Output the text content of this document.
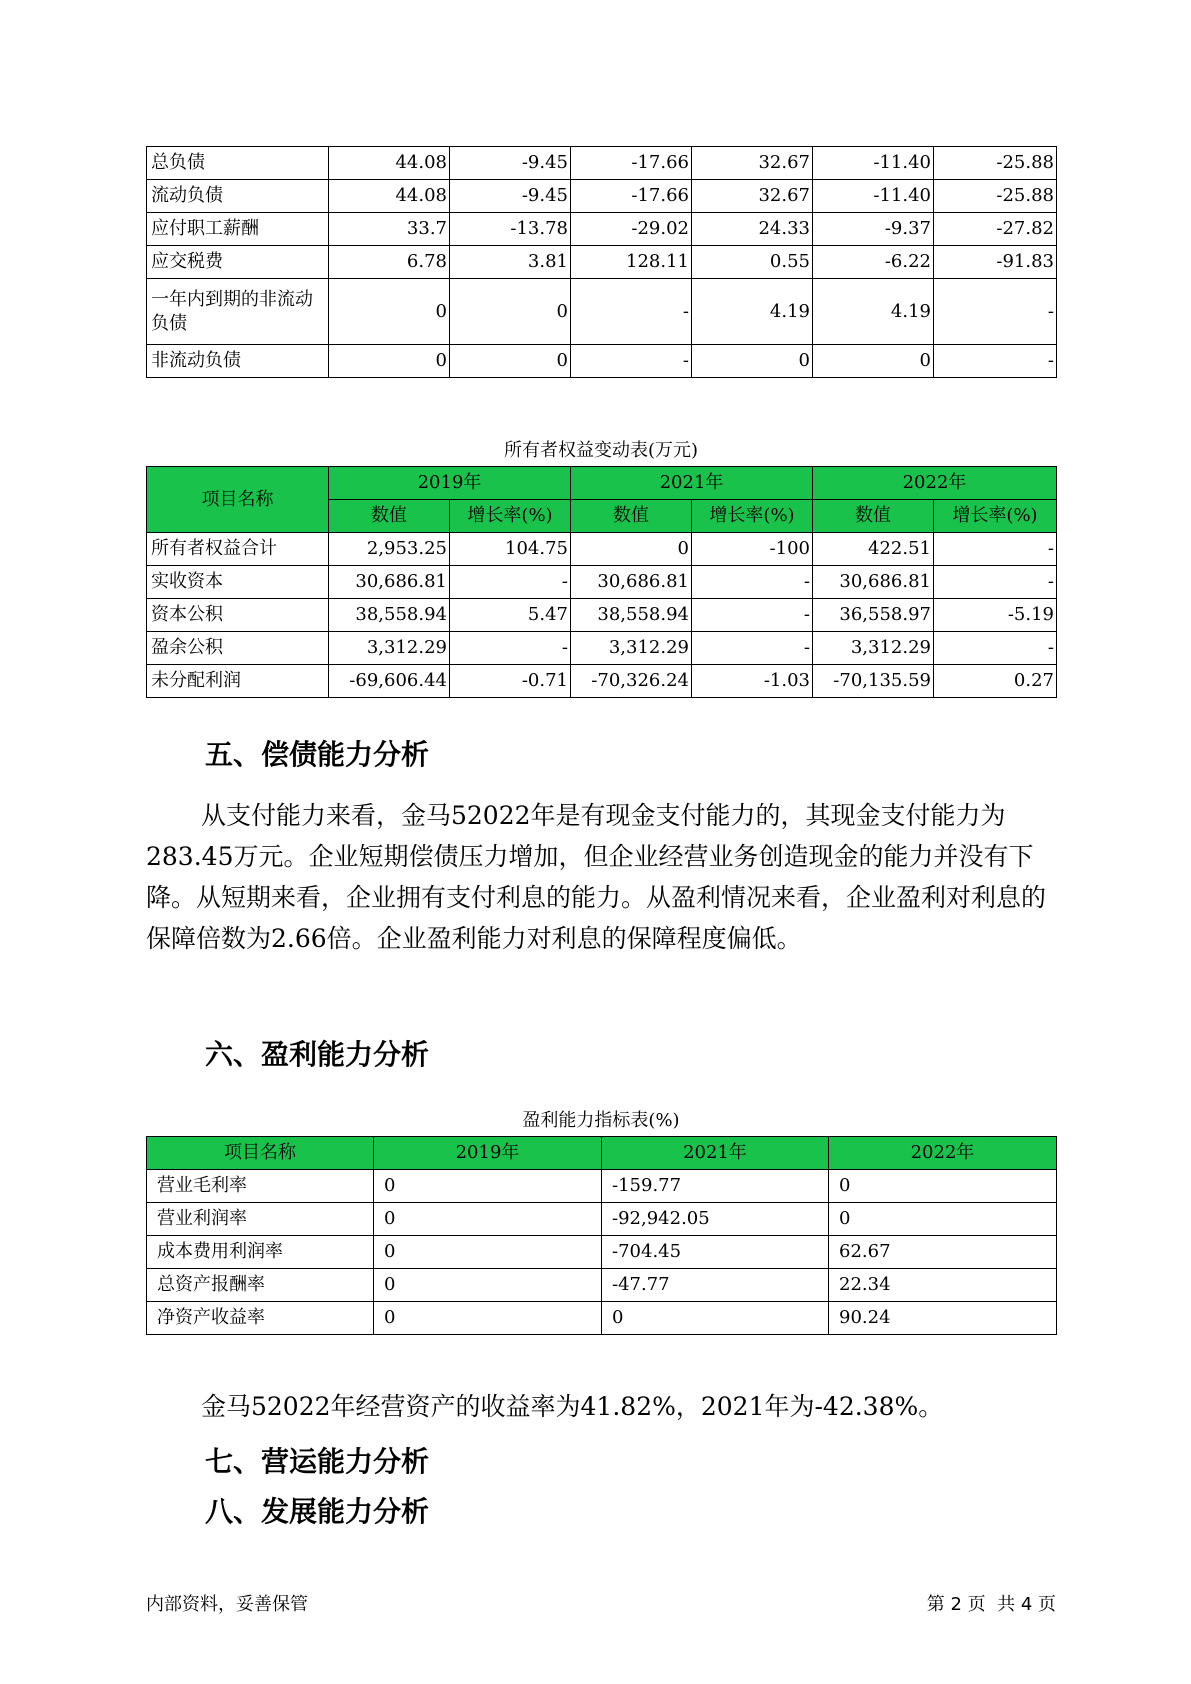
总负债	44.08	-9.45	-17.66	32.67	-11.40	-25.88
流动负债	44.08	-9.45	-17.66	32.67	-11.40	-25.88
应付职工薪酬	33.7	-13.78	-29.02	24.33	-9.37	-27.82
应交税费	6.78	3.81	128.11	0.55	-6.22	-91.83
一年内到期的非流动负债	0	0	-	4.19	4.19	-
非流动负债	0	0	-	0	0	-
所有者权益变动表(万元)
项目名称	2019年		2021年		2022年	
	数值	增长率(%)	数值	增长率(%)	数值	增长率(%)
所有者权益合计	2,953.25	104.75	0	-100	422.51	-
实收资本	30,686.81	-	30,686.81	-	30,686.81	-
资本公积	38,558.94	5.47	38,558.94	-	36,558.97	-5.19
盈余公积	3,312.29	-	3,312.29	-	3,312.29	-
未分配利润	-69,606.44	-0.71	-70,326.24	-1.03	-70,135.59	0.27
五、偿债能力分析

从支付能力来看，金马52022年是有现金支付能力的，其现金支付能力为283.45万元。企业短期偿债压力增加，但企业经营业务创造现金的能力并没有下降。从短期来看，企业拥有支付利息的能力。从盈利情况来看，企业盈利对利息的保障倍数为2.66倍。企业盈利能力对利息的保障程度偏低。

六、盈利能力分析
盈利能力指标表(%)
项目名称	2019年	2021年	2022年
营业毛利率	0	-159.77	0
营业利润率	0	-92,942.05	0
成本费用利润率	0	-704.45	62.67
总资产报酬率	0	-47.77	22.34
净资产收益率	0	0	90.24

金马52022年经营资产的收益率为41.82%，2021年为-42.38%。

七、营运能力分析
八、发展能力分析
内部资料，妥善保管	第 2 页  共 4 页
